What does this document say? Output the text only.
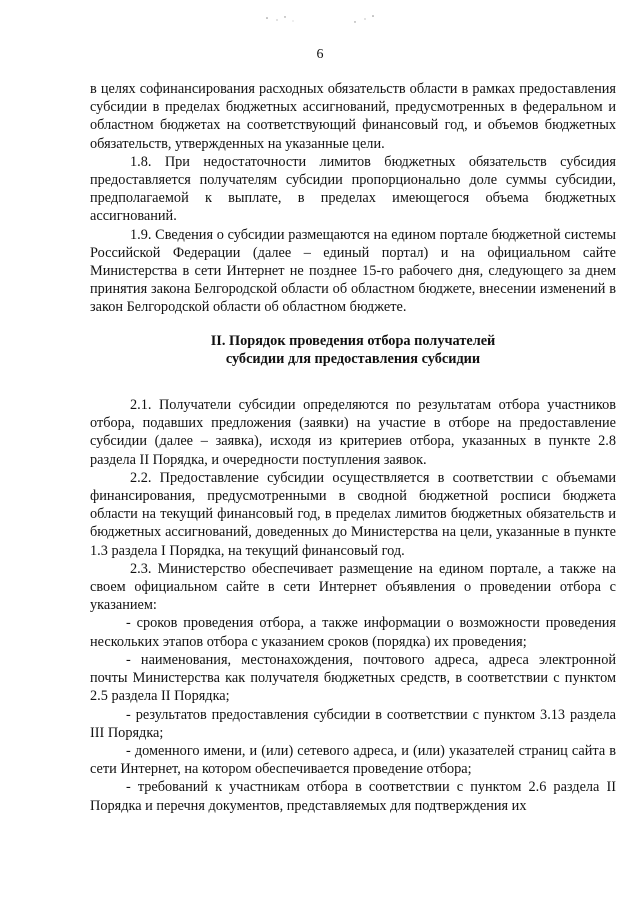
6

в целях софинансирования расходных обязательств области в рамках предоставления субсидии в пределах бюджетных ассигнований, предусмотренных в федеральном и областном бюджетах на соответствующий финансовый год, и объемов бюджетных обязательств, утвержденных на указанные цели.

1.8. При недостаточности лимитов бюджетных обязательств субсидия предоставляется получателям субсидии пропорционально доле суммы субсидии, предполагаемой к выплате, в пределах имеющегося объема бюджетных ассигнований.

1.9. Сведения о субсидии размещаются на едином портале бюджетной системы Российской Федерации (далее – единый портал) и на официальном сайте Министерства в сети Интернет не позднее 15-го рабочего дня, следующего за днем принятия закона Белгородской области об областном бюджете, внесении изменений в закон Белгородской области об областном бюджете.

II. Порядок проведения отбора получателей
субсидии для предоставления субсидии

2.1. Получатели субсидии определяются по результатам отбора участников отбора, подавших предложения (заявки) на участие в отборе на предоставление субсидии (далее – заявка), исходя из критериев отбора, указанных в пункте 2.8 раздела II Порядка, и очередности поступления заявок.

2.2. Предоставление субсидии осуществляется в соответствии с объемами финансирования, предусмотренными в сводной бюджетной росписи бюджета области на текущий финансовый год, в пределах лимитов бюджетных обязательств и бюджетных ассигнований, доведенных до Министерства на цели, указанные в пункте 1.3 раздела I Порядка, на текущий финансовый год.

2.3. Министерство обеспечивает размещение на едином портале, а также на своем официальном сайте в сети Интернет объявления о проведении отбора с указанием:

- сроков проведения отбора, а также информации о возможности проведения нескольких этапов отбора с указанием сроков (порядка) их проведения;

- наименования, местонахождения, почтового адреса, адреса электронной почты Министерства как получателя бюджетных средств, в соответствии с пунктом 2.5 раздела II Порядка;

- результатов предоставления субсидии в соответствии с пунктом 3.13 раздела III Порядка;

- доменного имени, и (или) сетевого адреса, и (или) указателей страниц сайта в сети Интернет, на котором обеспечивается проведение отбора;

- требований к участникам отбора в соответствии с пунктом 2.6 раздела II Порядка и перечня документов, представляемых для подтверждения их
